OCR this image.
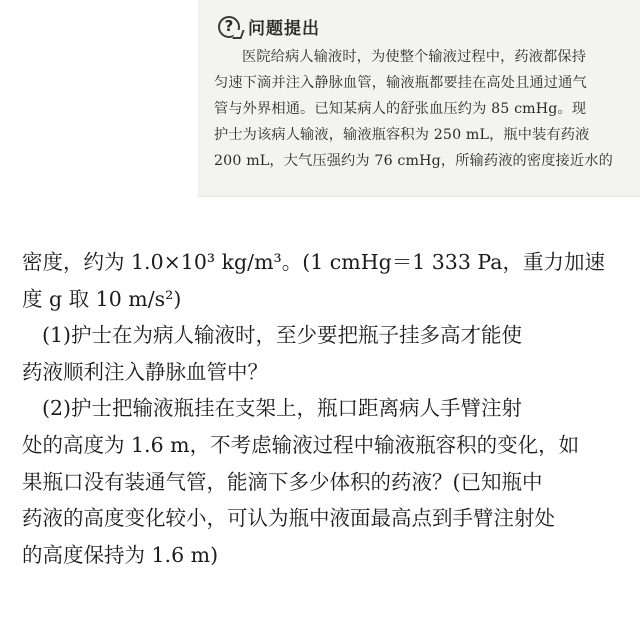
? 问题提出
医院给病人输液时，为使整个输液过程中，药液都保持
匀速下滴并注入静脉血管，输液瓶都要挂在高处且通过通气
管与外界相通。已知某病人的舒张血压约为 85 cmHg。现
护士为该病人输液，输液瓶容积为 250 mL，瓶中装有药液
200 mL，大气压强约为 76 cmHg，所输药液的密度接近水的
密度，约为 1.0×10³ kg/m³。(1 cmHg＝1 333 Pa，重力加速
度 g 取 10 m/s²)
(1)护士在为病人输液时，至少要把瓶子挂多高才能使
药液顺利注入静脉血管中？
(2)护士把输液瓶挂在支架上，瓶口距离病人手臂注射
处的高度为 1.6 m，不考虑输液过程中输液瓶容积的变化，如
果瓶口没有装通气管，能滴下多少体积的药液？(已知瓶中
药液的高度变化较小，可认为瓶中液面最高点到手臂注射处
的高度保持为 1.6 m)
